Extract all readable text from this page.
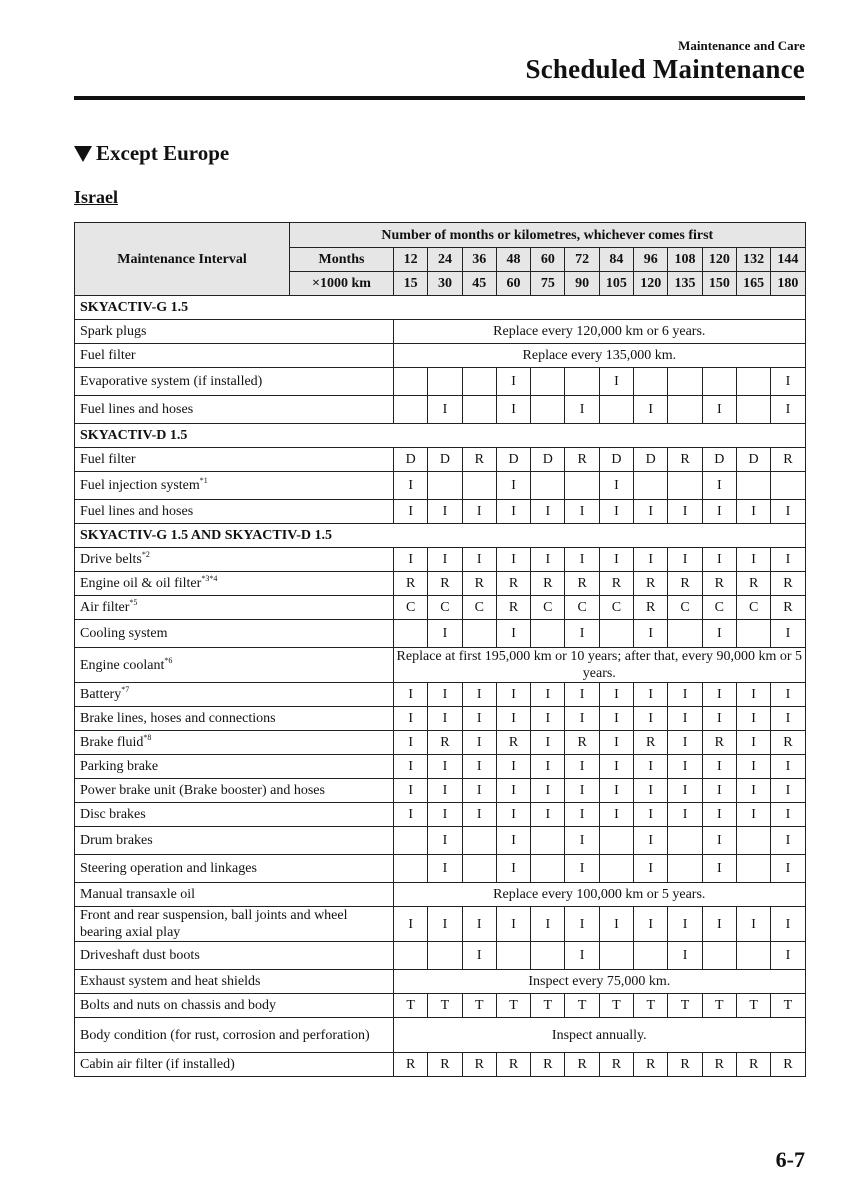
Maintenance and Care
Scheduled Maintenance
Except Europe
Israel
Maintenance Interval	Number of months or kilometres, whichever comes first												
	Months	12	24	36	48	60	72	84	96	108	120	132	144
	×1000 km	15	30	45	60	75	90	105	120	135	150	165	180
SKYACTIV-G 1.5													
Spark plugs		Replace every 120,000 km or 6 years.											
Fuel filter		Replace every 135,000 km.											
Evaporative system (if installed)					I			I					I
Fuel lines and hoses			I		I		I		I		I		I
SKYACTIV-D 1.5													
Fuel filter		D	D	R	D	D	R	D	D	R	D	D	R
Fuel injection system$^{*1}$		I			I			I			I		
Fuel lines and hoses		I	I	I	I	I	I	I	I	I	I	I	I
SKYACTIV-G 1.5 AND SKYACTIV-D 1.5													
Drive belts$^{*2}$		I	I	I	I	I	I	I	I	I	I	I	I
Engine oil & oil filter$^{*3*4}$		R	R	R	R	R	R	R	R	R	R	R	R
Air filter$^{*5}$		C	C	C	R	C	C	C	R	C	C	C	R
Cooling system			I		I		I		I		I		I
Engine coolant$^{*6}$		Replace at first 195,000 km or 10 years; after that, every 90,000 km or 5 years.											
Battery$^{*7}$		I	I	I	I	I	I	I	I	I	I	I	I
Brake lines, hoses and connections		I	I	I	I	I	I	I	I	I	I	I	I
Brake fluid$^{*8}$		I	R	I	R	I	R	I	R	I	R	I	R
Parking brake		I	I	I	I	I	I	I	I	I	I	I	I
Power brake unit (Brake booster) and hoses		I	I	I	I	I	I	I	I	I	I	I	I
Disc brakes		I	I	I	I	I	I	I	I	I	I	I	I
Drum brakes			I		I		I		I		I		I
Steering operation and linkages			I		I		I		I		I		I
Manual transaxle oil		Replace every 100,000 km or 5 years.											
Front and rear suspension, ball joints and wheel bearing axial play		I	I	I	I	I	I	I	I	I	I	I	I
Driveshaft dust boots				I			I			I			I
Exhaust system and heat shields		Inspect every 75,000 km.											
Bolts and nuts on chassis and body		T	T	T	T	T	T	T	T	T	T	T	T
Body condition (for rust, corrosion and perforation)		Inspect annually.											
Cabin air filter (if installed)		R	R	R	R	R	R	R	R	R	R	R	R
6-7
